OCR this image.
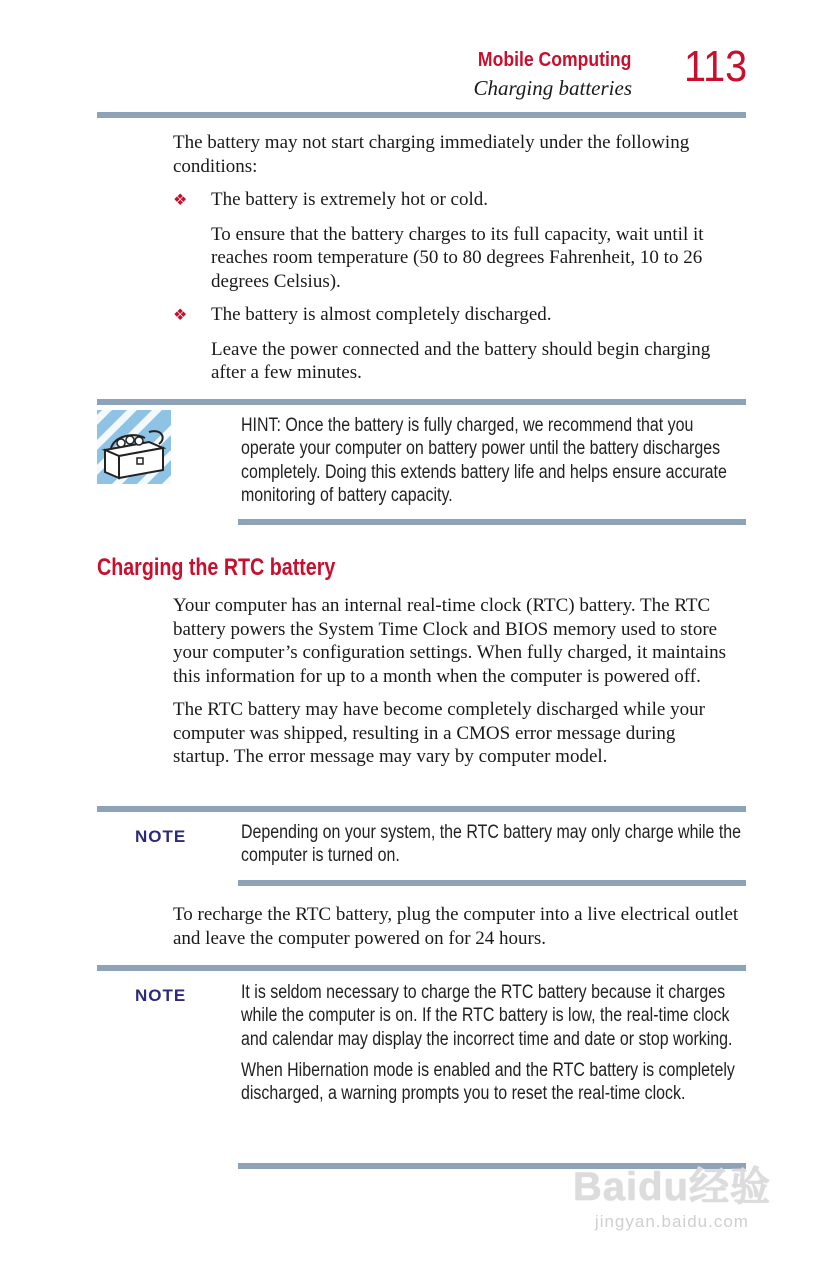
Mobile Computing
Charging batteries 113

The battery may not start charging immediately under the following conditions:

❖	The battery is extremely hot or cold.

To ensure that the battery charges to its full capacity, wait until it reaches room temperature (50 to 80 degrees Fahrenheit, 10 to 26 degrees Celsius).

❖	The battery is almost completely discharged.

Leave the power connected and the battery should begin charging after a few minutes.

HINT: Once the battery is fully charged, we recommend that you operate your computer on battery power until the battery discharges completely. Doing this extends battery life and helps ensure accurate monitoring of battery capacity.
Charging the RTC battery

Your computer has an internal real-time clock (RTC) battery. The RTC battery powers the System Time Clock and BIOS memory used to store your computer’s configuration settings. When fully charged, it maintains this information for up to a month when the computer is powered off.

The RTC battery may have become completely discharged while your computer was shipped, resulting in a CMOS error message during startup. The error message may vary by computer model.

NOTE	Depending on your system, the RTC battery may only charge while the computer is turned on.

To recharge the RTC battery, plug the computer into a live electrical outlet and leave the computer powered on for 24 hours.

NOTE	It is seldom necessary to charge the RTC battery because it charges while the computer is on. If the RTC battery is low, the real-time clock and calendar may display the incorrect time and date or stop working.
When Hibernation mode is enabled and the RTC battery is completely discharged, a warning prompts you to reset the real-time clock.
Baidu经验
jingyan.baidu.com
